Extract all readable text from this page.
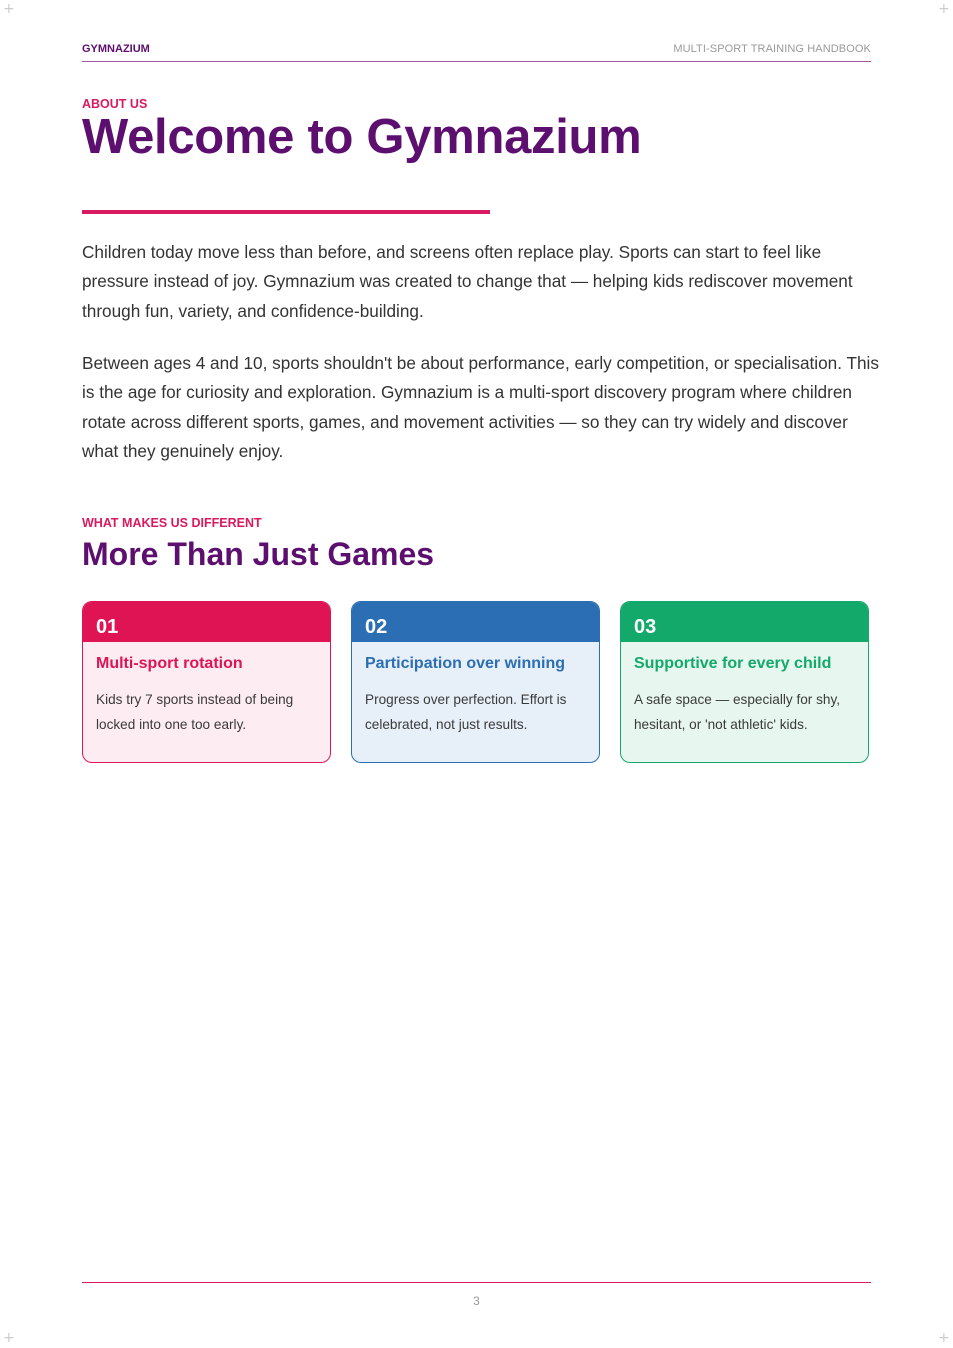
+	+
+	+
GYMNAZIUM	MULTI-SPORT TRAINING HANDBOOK
ABOUT US
Welcome to Gymnazium

Children today move less than before, and screens often replace play. Sports can start to feel like pressure instead of joy. Gymnazium was created to change that — helping kids rediscover movement through fun, variety, and confidence-building.

Between ages 4 and 10, sports shouldn't be about performance, early competition, or specialisation. This is the age for curiosity and exploration. Gymnazium is a multi-sport discovery program where children rotate across different sports, games, and movement activities — so they can try widely and discover what they genuinely enjoy.

WHAT MAKES US DIFFERENT
More Than Just Games
01
Multi-sport rotation
Kids try 7 sports instead of being locked into one too early.
02
Participation over winning
Progress over perfection. Effort is celebrated, not just results.
03
Supportive for every child
A safe space — especially for shy, hesitant, or 'not athletic' kids.
3
